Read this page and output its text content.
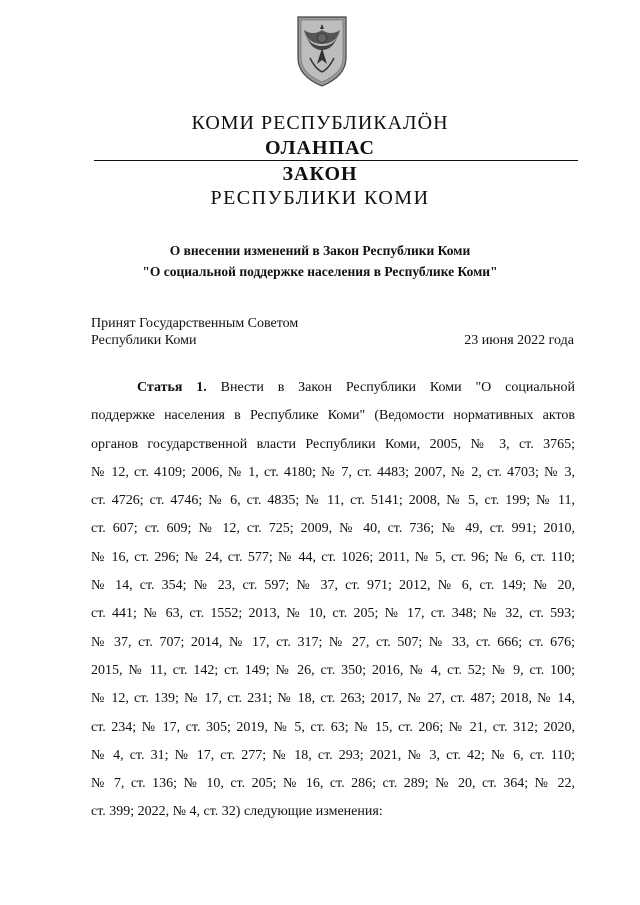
КОМИ РЕСПУБЛИКАЛӦН
ОЛАНПАС
ЗАКОН
РЕСПУБЛИКИ КОМИ
О внесении изменений в Закон Республики Коми
"О социальной поддержке населения в Республике Коми"
Принят Государственным Советом
Республики Коми	23 июня 2022 года
Статья 1. Внести в Закон Республики Коми "О социальной
поддержке населения в Республике Коми" (Ведомости нормативных актов
органов государственной власти Республики Коми, 2005, № 3, ст. 3765;
№ 12, ст. 4109; 2006, № 1, ст. 4180; № 7, ст. 4483; 2007, № 2, ст. 4703; № 3,
ст. 4726; ст. 4746; № 6, ст. 4835; № 11, ст. 5141; 2008, № 5, ст. 199; № 11,
ст. 607; ст. 609; № 12, ст. 725; 2009, № 40, ст. 736; № 49, ст. 991; 2010,
№ 16, ст. 296; № 24, ст. 577; № 44, ст. 1026; 2011, № 5, ст. 96; № 6, ст. 110;
№ 14, ст. 354; № 23, ст. 597; № 37, ст. 971; 2012, № 6, ст. 149; № 20,
ст. 441; № 63, ст. 1552; 2013, № 10, ст. 205; № 17, ст. 348; № 32, ст. 593;
№ 37, ст. 707; 2014, № 17, ст. 317; № 27, ст. 507; № 33, ст. 666; ст. 676;
2015, № 11, ст. 142; ст. 149; № 26, ст. 350; 2016, № 4, ст. 52; № 9, ст. 100;
№ 12, ст. 139; № 17, ст. 231; № 18, ст. 263; 2017, № 27, ст. 487; 2018, № 14,
ст. 234; № 17, ст. 305; 2019, № 5, ст. 63; № 15, ст. 206; № 21, ст. 312; 2020,
№ 4, ст. 31; № 17, ст. 277; № 18, ст. 293; 2021, № 3, ст. 42; № 6, ст. 110;
№ 7, ст. 136; № 10, ст. 205; № 16, ст. 286; ст. 289; № 20, ст. 364; № 22,
ст. 399; 2022, № 4, ст. 32) следующие изменения:
